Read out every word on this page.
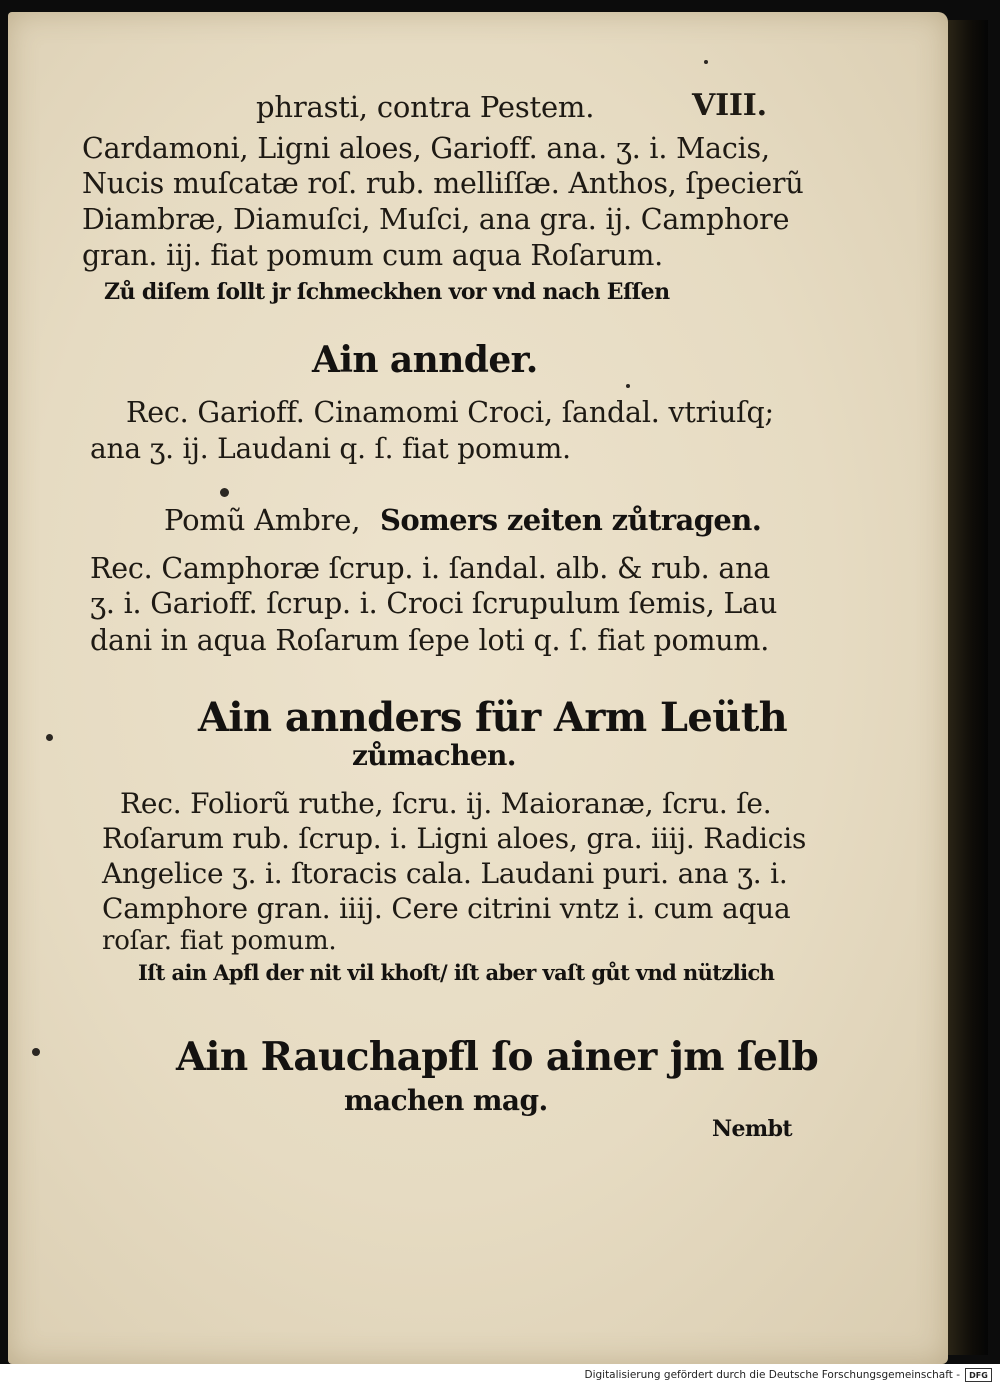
phrasti, contra Pestem.	VIII.
Cardamoni, Ligni aloes, Garioff. ana. ʒ. i. Macis,
Nucis muſcatæ roſ. rub. melliſſæ. Anthos, ſpecierũ
Diambræ, Diamuſci, Muſci, ana gra. ij. Camphore
gran. iij. fiat pomum cum aqua Roſarum.
Zů diſem ſollt jr ſchmeckhen vor vnd nach Eſſen
Ain annder.
Rec. Garioff. Cinamomi Croci, ſandal. vtriuſq;
ana ʒ. ij. Laudani q. ſ. fiat pomum.
Pomũ Ambre, Somers zeiten zůtragen.
Rec. Camphoræ ſcrup. i. ſandal. alb. & rub. ana
ʒ. i. Garioff. ſcrup. i. Croci ſcrupulum ſemis, Lau
dani in aqua Roſarum ſepe loti q. ſ. fiat pomum.
Ain annders für Arm Leüth
zůmachen.
Rec. Foliorũ ruthe, ſcru. ij. Maioranæ, ſcru. ſe.
Roſarum rub. ſcrup. i. Ligni aloes, gra. iiij. Radicis
Angelice ʒ. i. ſtoracis cala. Laudani puri. ana ʒ. i.
Camphore gran. iiij. Cere citrini vntz i. cum aqua
roſar. fiat pomum.
Iſt ain Apfl der nit vil khoſt/ iſt aber vaſt gůt vnd nützlich
Ain Rauchapfl ſo ainer jm ſelb
machen mag.
Nembt
Digitalisierung gefördert durch die Deutsche Forschungsgemeinschaft -	DFG
